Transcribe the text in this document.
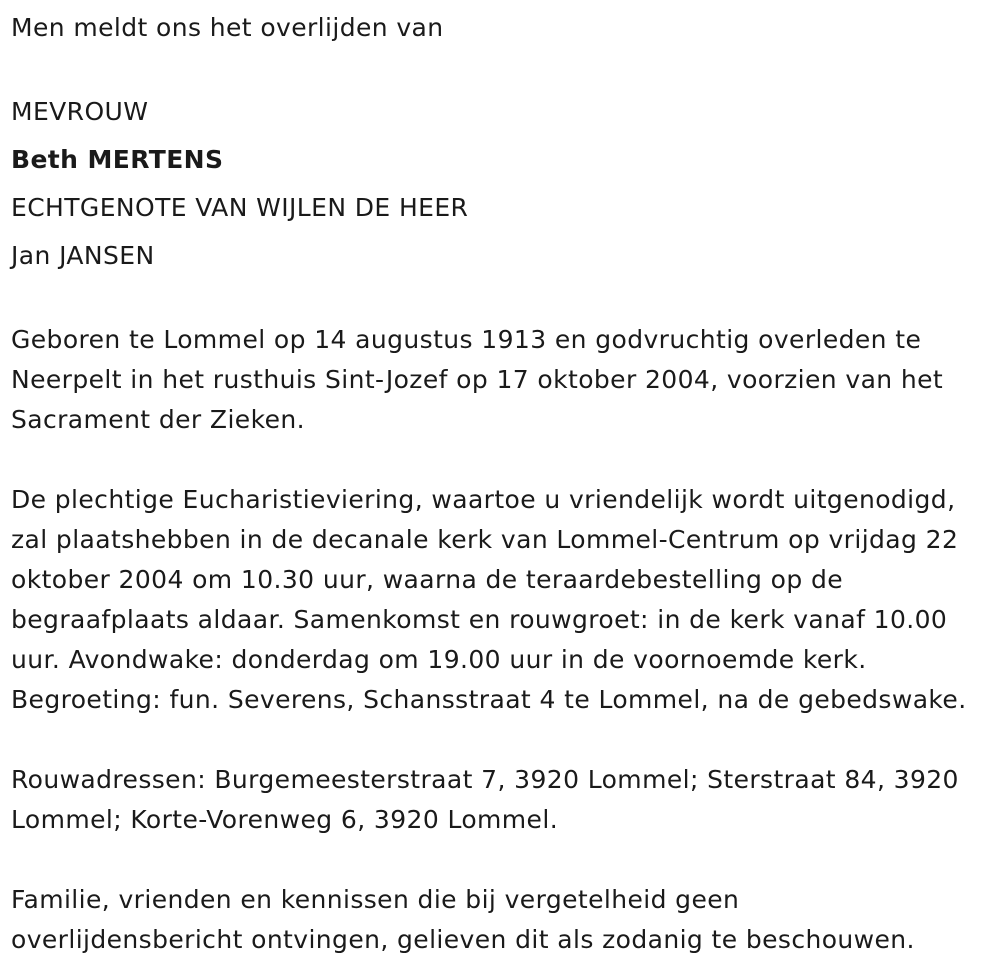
Men meldt ons het overlijden van
MEVROUW
Beth MERTENS
ECHTGENOTE VAN WIJLEN DE HEER
Jan JANSEN
Geboren te Lommel op 14 augustus 1913 en godvruchtig overleden te
Neerpelt in het rusthuis Sint-Jozef op 17 oktober 2004, voorzien van het
Sacrament der Zieken.
De plechtige Eucharistieviering, waartoe u vriendelijk wordt uitgenodigd,
zal plaatshebben in de decanale kerk van Lommel-Centrum op vrijdag 22
oktober 2004 om 10.30 uur, waarna de teraardebestelling op de
begraafplaats aldaar. Samenkomst en rouwgroet: in de kerk vanaf 10.00
uur. Avondwake: donderdag om 19.00 uur in de voornoemde kerk.
Begroeting: fun. Severens, Schansstraat 4 te Lommel, na de gebedswake.
Rouwadressen: Burgemeesterstraat 7, 3920 Lommel; Sterstraat 84, 3920
Lommel; Korte-Vorenweg 6, 3920 Lommel.
Familie, vrienden en kennissen die bij vergetelheid geen
overlijdensbericht ontvingen, gelieven dit als zodanig te beschouwen.
